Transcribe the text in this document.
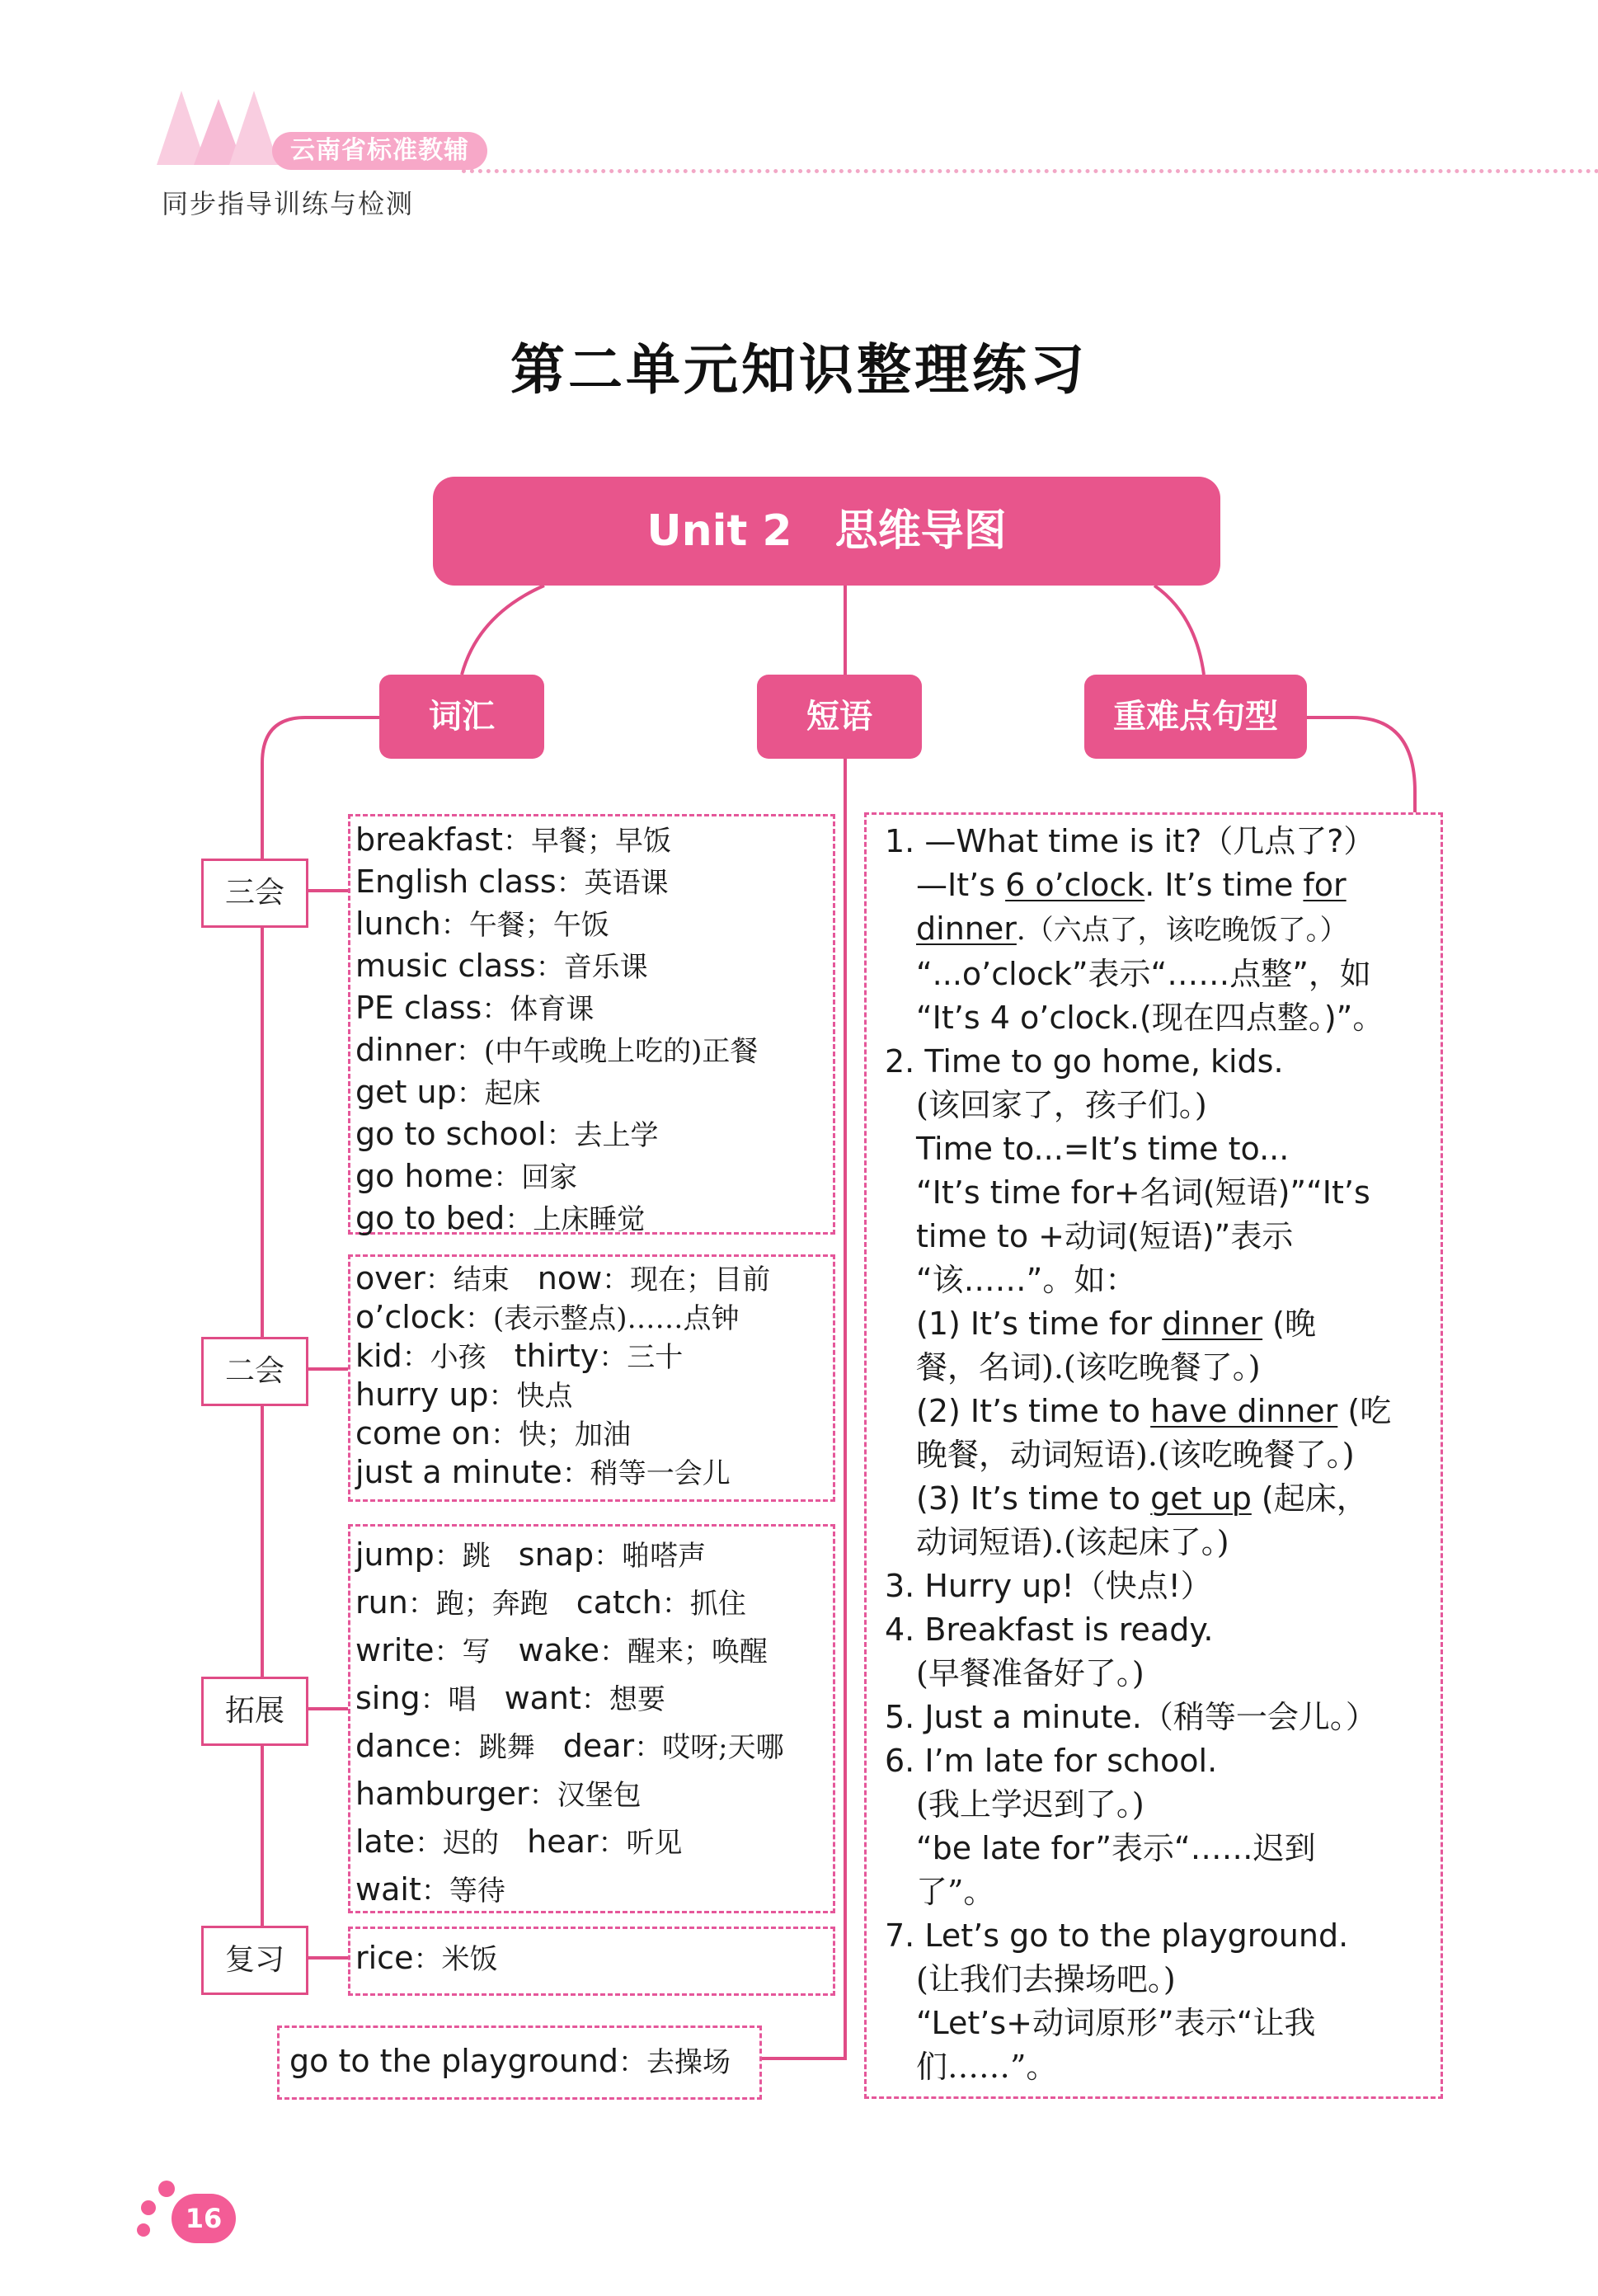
云南省标准教辅
同步指导训练与检测
第二单元知识整理练习
Unit 2　思维导图
词汇	短语	重难点句型
三会
二会
拓展
复习
breakfast：早餐；早饭
English class：英语课
lunch：午餐；午饭
music class：音乐课
PE class：体育课
dinner：(中午或晚上吃的)正餐
get up：起床
go to school：去上学
go home：回家
go to bed：上床睡觉
over：结束　now：现在；目前
o’clock：(表示整点)……点钟
kid：小孩　thirty：三十
hurry up：快点
come on：快；加油
just a minute：稍等一会儿
jump：跳　snap：啪嗒声
run：跑；奔跑　catch：抓住
write：写　wake：醒来；唤醒
sing：唱　want：想要
dance：跳舞　dear：哎呀;天哪
hamburger：汉堡包
late：迟的　hear：听见
wait：等待
rice：米饭
go to the playground：去操场
1. —What time is it?（几点了?）
　—It’s 6 o’clock. It’s time for
　dinner.（六点了，该吃晚饭了。）
　“...o’clock”表示“……点整”，如
　“It’s 4 o’clock.(现在四点整。)”。
2. Time to go home, kids.
　(该回家了，孩子们。)
　Time to...=It’s time to...
　“It’s time for+名词(短语)”“It’s
　time to +动词(短语)”表示
　“该……”。如：
　(1) It’s time for dinner (晚
　餐，名词).(该吃晚餐了。)
　(2) It’s time to have dinner (吃
　晚餐，动词短语).(该吃晚餐了。)
　(3) It’s time to get up (起床，
　动词短语).(该起床了。)
3. Hurry up!（快点!）
4. Breakfast is ready.
　(早餐准备好了。)
5. Just a minute.（稍等一会儿。）
6. I’m late for school.
　(我上学迟到了。)
　“be late for”表示“……迟到
　了”。
7. Let’s go to the playground.
　(让我们去操场吧。)
　“Let’s+动词原形”表示“让我
　们……”。
16
